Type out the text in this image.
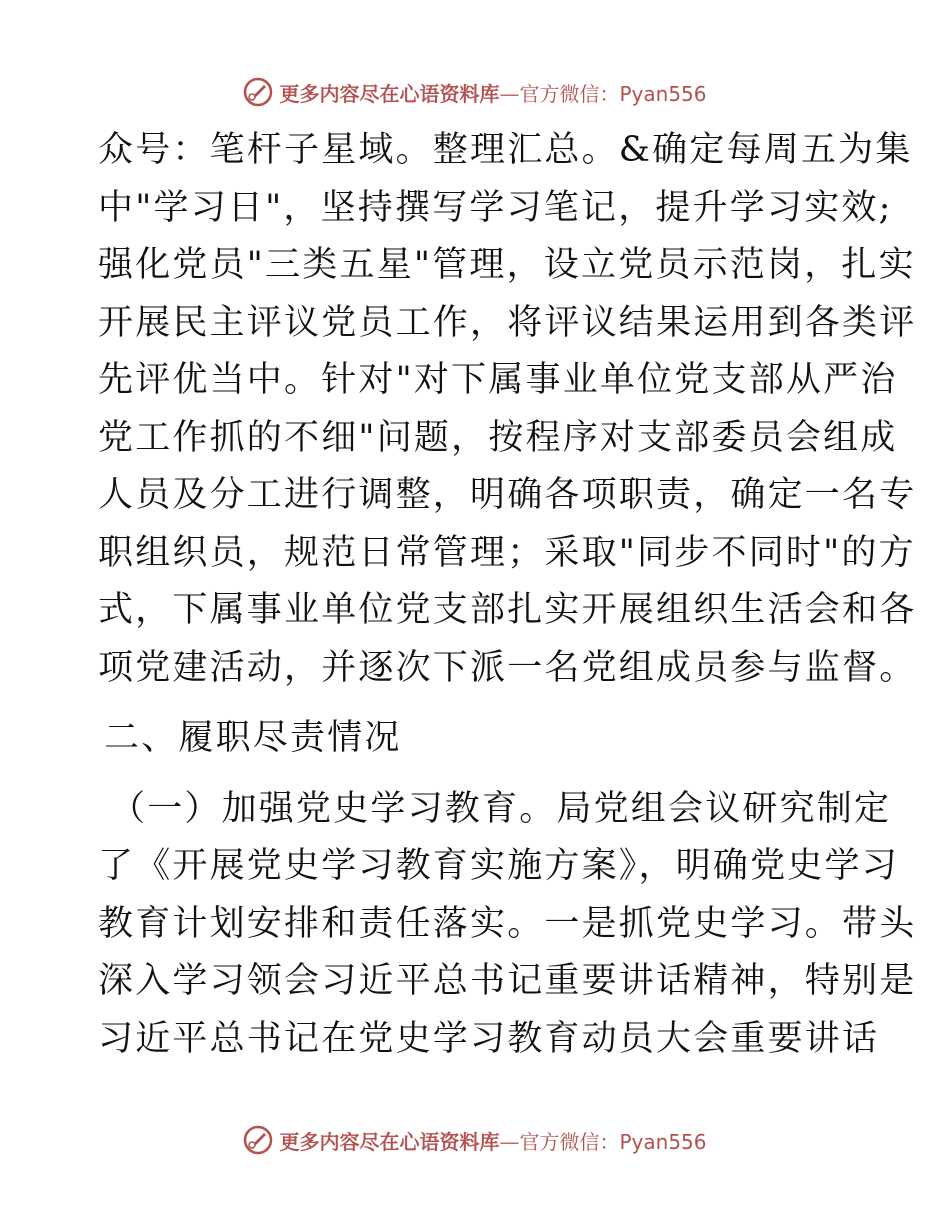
更多内容尽在心语资料库—官方微信：Pyan556
众号：笔杆子星域。整理汇总。&确定每周五为集
中"学习日"，坚持撰写学习笔记，提升学习实效;
强化党员"三类五星"管理，设立党员示范岗，扎实
开展民主评议党员工作，将评议结果运用到各类评
先评优当中。针对"对下属事业单位党支部从严治
党工作抓的不细"问题，按程序对支部委员会组成
人员及分工进行调整，明确各项职责，确定一名专
职组织员，规范日常管理；采取"同步不同时"的方
式，下属事业单位党支部扎实开展组织生活会和各
项党建活动，并逐次下派一名党组成员参与监督。
二、履职尽责情况
（一）加强党史学习教育。局党组会议研究制定
了《开展党史学习教育实施方案》，明确党史学习
教育计划安排和责任落实。一是抓党史学习。带头
深入学习领会习近平总书记重要讲话精神，特别是
习近平总书记在党史学习教育动员大会重要讲话
更多内容尽在心语资料库—官方微信：Pyan556
